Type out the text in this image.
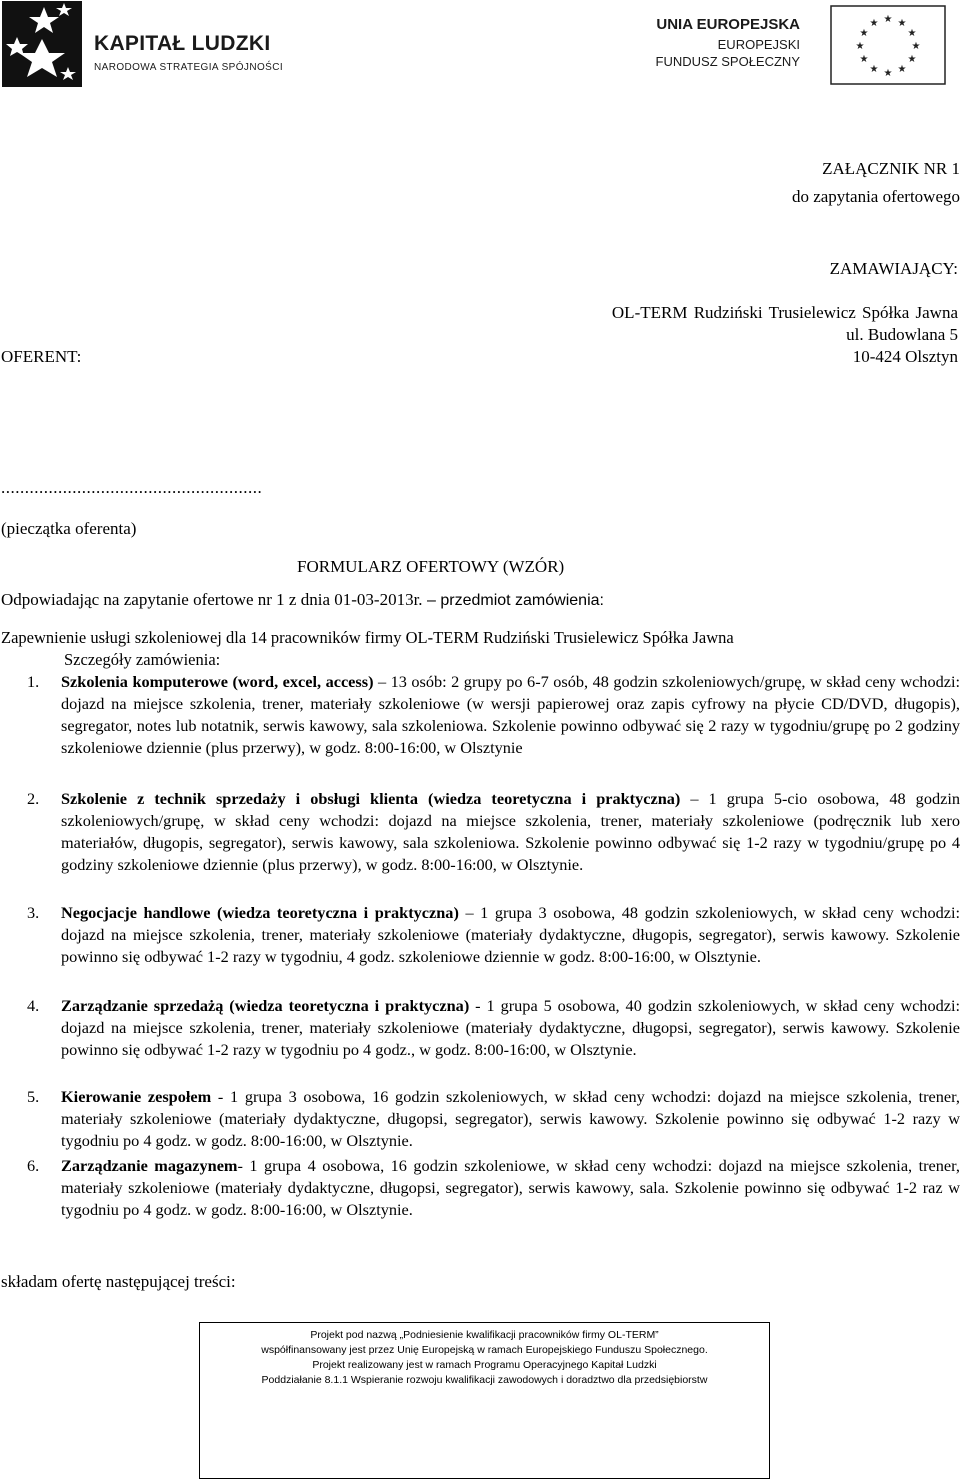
KAPITAŁ LUDZKI
NARODOWA STRATEGIA SPÓJNOŚCI
UNIA EUROPEJSKA
EUROPEJSKI
FUNDUSZ SPOŁECZNY
★ ★
★
★
★
★
★
★
★
★
★
★
ZAŁĄCZNIK NR 1
do zapytania ofertowego
ZAMAWIAJĄCY:
OL-TERM Rudziński Trusielewicz Spółka Jawna
ul. Budowlana 5
10-424 Olsztyn
OFERENT:
.......................................................
(pieczątka oferenta)
FORMULARZ OFERTOWY (WZÓR)
Odpowiadając na zapytanie ofertowe nr 1 z dnia 01-03-2013r. – przedmiot zamówienia:
Zapewnienie usługi szkoleniowej dla 14 pracowników firmy OL-TERM Rudziński Trusielewicz Spółka Jawna
Szczegóły zamówienia:
1. Szkolenia komputerowe (word, excel, access) – 13 osób: 2 grupy po 6-7 osób, 48 godzin szkoleniowych/grupę, w skład ceny wchodzi: dojazd na miejsce szkolenia, trener, materiały szkoleniowe (w wersji papierowej oraz zapis cyfrowy na płycie CD/DVD, długopis), segregator, notes lub notatnik, serwis kawowy, sala szkoleniowa. Szkolenie powinno odbywać się 2 razy w tygodniu/grupę po 2 godziny szkoleniowe dziennie (plus przerwy), w godz. 8:00-16:00, w Olsztynie
2. Szkolenie z technik sprzedaży i obsługi klienta (wiedza teoretyczna i praktyczna) – 1 grupa 5-cio osobowa, 48 godzin szkoleniowych/grupę, w skład ceny wchodzi: dojazd na miejsce szkolenia, trener, materiały szkoleniowe (podręcznik lub xero materiałów, długopis, segregator), serwis kawowy, sala szkoleniowa. Szkolenie powinno odbywać się 1-2 razy w tygodniu/grupę po 4 godziny szkoleniowe dziennie (plus przerwy), w godz. 8:00-16:00, w Olsztynie.
3. Negocjacje handlowe (wiedza teoretyczna i praktyczna) – 1 grupa 3 osobowa, 48 godzin szkoleniowych, w skład ceny wchodzi: dojazd na miejsce szkolenia, trener, materiały szkoleniowe (materiały dydaktyczne, długopis, segregator), serwis kawowy. Szkolenie powinno się odbywać 1-2 razy w tygodniu, 4 godz. szkoleniowe dziennie w godz. 8:00-16:00, w Olsztynie.
4. Zarządzanie sprzedażą (wiedza teoretyczna i praktyczna) - 1 grupa 5 osobowa, 40 godzin szkoleniowych, w skład ceny wchodzi: dojazd na miejsce szkolenia, trener, materiały szkoleniowe (materiały dydaktyczne, długopsi, segregator), serwis kawowy. Szkolenie powinno się odbywać 1-2 razy w tygodniu po 4 godz., w godz. 8:00-16:00, w Olsztynie.
5. Kierowanie zespołem - 1 grupa 3 osobowa, 16 godzin szkoleniowych, w skład ceny wchodzi: dojazd na miejsce szkolenia, trener, materiały szkoleniowe (materiały dydaktyczne, długopsi, segregator), serwis kawowy. Szkolenie powinno się odbywać 1-2 razy w tygodniu po 4 godz. w godz. 8:00-16:00, w Olsztynie.
6. Zarządzanie magazynem- 1 grupa 4 osobowa, 16 godzin szkoleniowe, w skład ceny wchodzi: dojazd na miejsce szkolenia, trener, materiały szkoleniowe (materiały dydaktyczne, długopsi, segregator), serwis kawowy, sala. Szkolenie powinno się odbywać 1-2 raz w tygodniu po 4 godz. w godz. 8:00-16:00, w Olsztynie.
składam ofertę następującej treści:
Projekt pod nazwą „Podniesienie kwalifikacji pracowników firmy OL-TERM”
współfinansowany jest przez Unię Europejską w ramach Europejskiego Funduszu Społecznego.
Projekt realizowany jest w ramach Programu Operacyjnego Kapitał Ludzki
Poddziałanie 8.1.1 Wspieranie rozwoju kwalifikacji zawodowych i doradztwo dla przedsiębiorstw
